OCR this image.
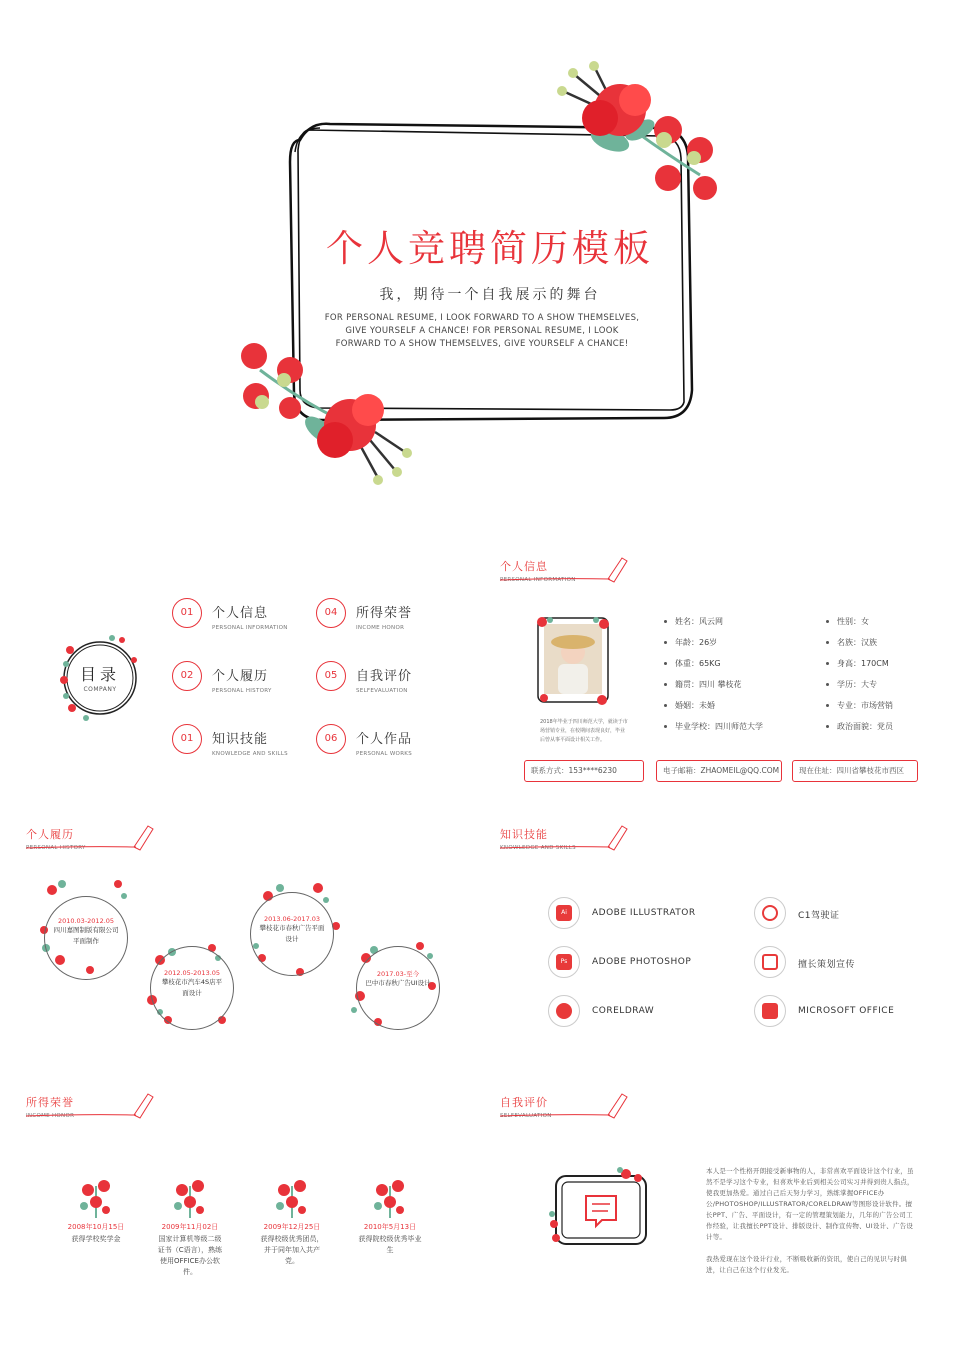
个人竞聘简历模板
我，期待一个自我展示的舞台
FOR PERSONAL RESUME, I LOOK FORWARD TO A SHOW THEMSELVES, GIVE YOURSELF A CHANCE! FOR PERSONAL RESUME, I LOOK FORWARD TO A SHOW THEMSELVES, GIVE YOURSELF A CHANCE!
目录
COMPANY
01	个人信息
PERSONAL INFORMATION
02	个人履历
PERSONAL HISTORY
01	知识技能
KNOWLEDGE AND SKILLS
04	所得荣誉
INCOME HONOR
05	自我评价
SELFEVALUATION
06	个人作品
PERSONAL WORKS
个人信息
PERSONAL INFORMATION
2018年毕业于四川师范大学，就读于市场营销专业，在校期间表现良好，毕业后曾从事平面设计相关工作。
姓名：风云网
年龄：26岁
体重：65KG
籍贯：四川 攀枝花
婚姻：未婚
毕业学校：四川师范大学
性别：女
名族：汉族
身高：170CM
学历：大专
专业：市场营销
政治面貌：党员
联系方式：153****6230	电子邮箱：ZHAOMEIL@QQ.COM	现在住址：四川省攀枝花市西区
个人履历
PERSONAL HISTORY
2010.03-2012.05
四川嘉图制版有限公司平面制作
2012.05-2013.05
攀枝花市汽车4S店平面设计
2013.06-2017.03
攀枝花市春秋广告平面设计
2017.03-至今
巴中市春秋广告UI设计
知识技能
KNOWLEDGE AND SKILLS
Ai	ADOBE ILLUSTRATOR
Ps	ADOBE PHOTOSHOP
CORELDRAW
C1驾驶证
擅长策划宣传
MICROSOFT OFFICE
所得荣誉
INCOME HONOR
2008年10月15日
获得学校奖学金
2009年11月02日
国家计算机等级二级证书（C语言），熟练使用OFFICE办公软件。
2009年12月25日
获得校级优秀团员，并于同年加入共产党。
2010年5月13日
获得院校级优秀毕业生
自我评价
SELFEVALUATION
本人是一个性格开朗接受新事物的人，非常喜欢平面设计这个行业，虽然不是学习这个专业，但喜欢毕业后到相关公司实习并得到贵人指点，使我更加热爱。通过自己后天努力学习，熟练掌握OFFICE办公/PHOTOSHOP/ILLUSTRATOR/CORELDRAW等图形设计软件。擅长PPT、广告、平面设计，有一定的管理策划能力，几年的广告公司工作经验，让我擅长PPT设计、排版设计、制作宣传物、UI设计、广告设计等。
我热爱现在这个设计行业，不断吸收新的资讯，使自己的见识与时俱进，让自己在这个行业发光。
